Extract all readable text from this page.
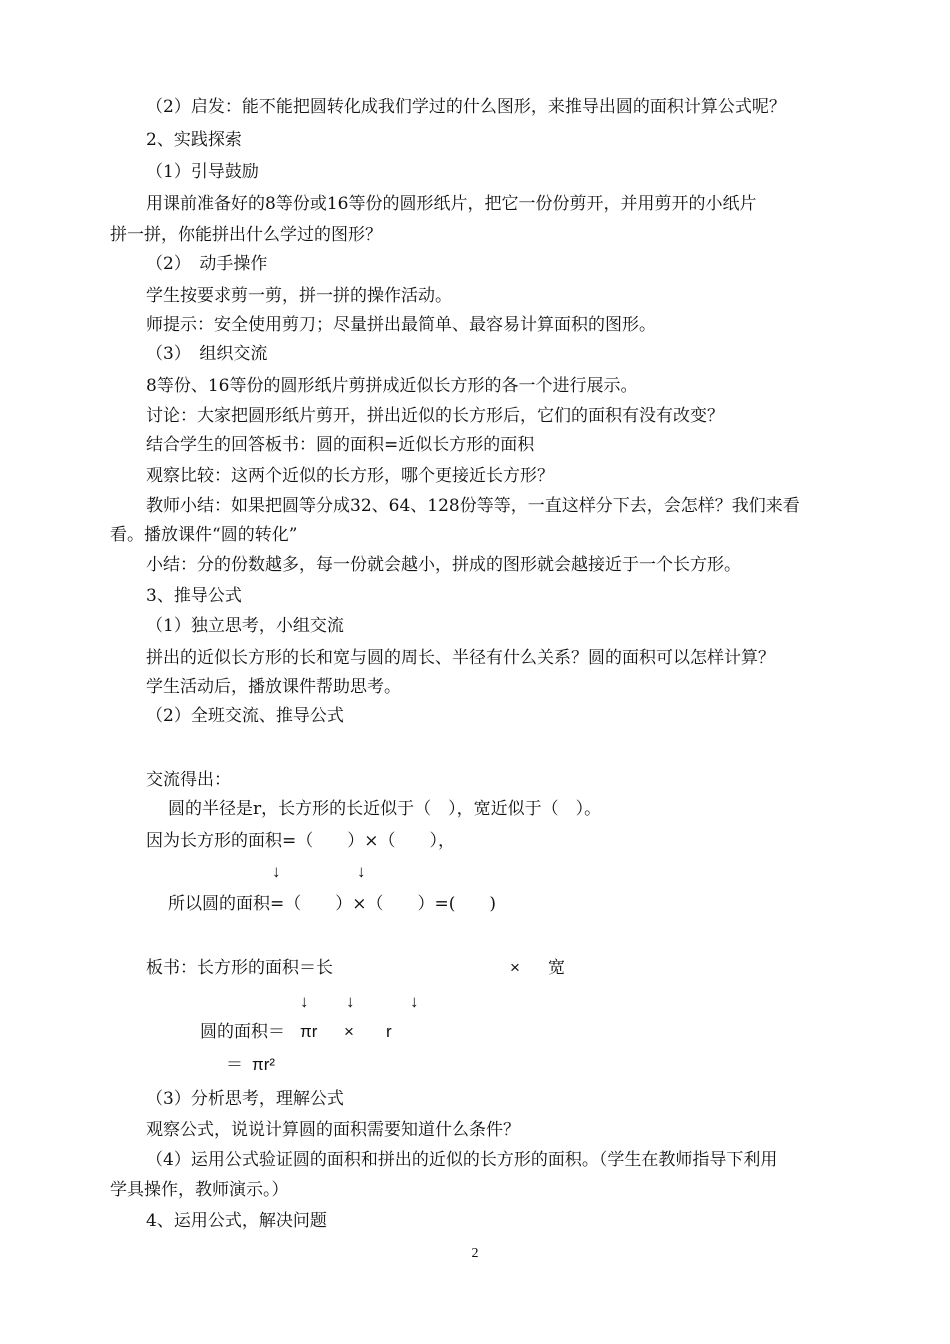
（2）启发：能不能把圆转化成我们学过的什么图形，来推导出圆的面积计算公式呢？
2、实践探索
（1）引导鼓励
用课前准备好的8等份或16等份的圆形纸片，把它一份份剪开，并用剪开的小纸片
拼一拼，你能拼出什么学过的图形？
（2）　动手操作
学生按要求剪一剪，拼一拼的操作活动。
师提示：安全使用剪刀；尽量拼出最简单、最容易计算面积的图形。
（3）　组织交流
8等份、16等份的圆形纸片剪拼成近似长方形的各一个进行展示。
讨论：大家把圆形纸片剪开，拼出近似的长方形后，它们的面积有没有改变？
结合学生的回答板书：圆的面积=近似长方形的面积
观察比较：这两个近似的长方形，哪个更接近长方形？
教师小结：如果把圆等分成32、64、128份等等，一直这样分下去，会怎样？我们来看
看。播放课件“圆的转化”
小结：分的份数越多，每一份就会越小，拼成的图形就会越接近于一个长方形。
3、推导公式
（1）独立思考，小组交流
拼出的近似长方形的长和宽与圆的周长、半径有什么关系？圆的面积可以怎样计算？
学生活动后，播放课件帮助思考。
（2）全班交流、推导公式
交流得出：
圆的半径是r，长方形的长近似于（　），宽近似于（　）。
因为长方形的面积=（　　）×（　　），
↓	↓
所以圆的面积=（　　）×（　　）=(　　)
板书：长方形的面积＝长	× 宽
↓ ↓	↓
圆的面积＝ πr × r
＝ πr²
（3）分析思考，理解公式
观察公式，说说计算圆的面积需要知道什么条件？
（4）运用公式验证圆的面积和拼出的近似的长方形的面积。（学生在教师指导下利用
学具操作，教师演示。）
4、运用公式，解决问题
2
